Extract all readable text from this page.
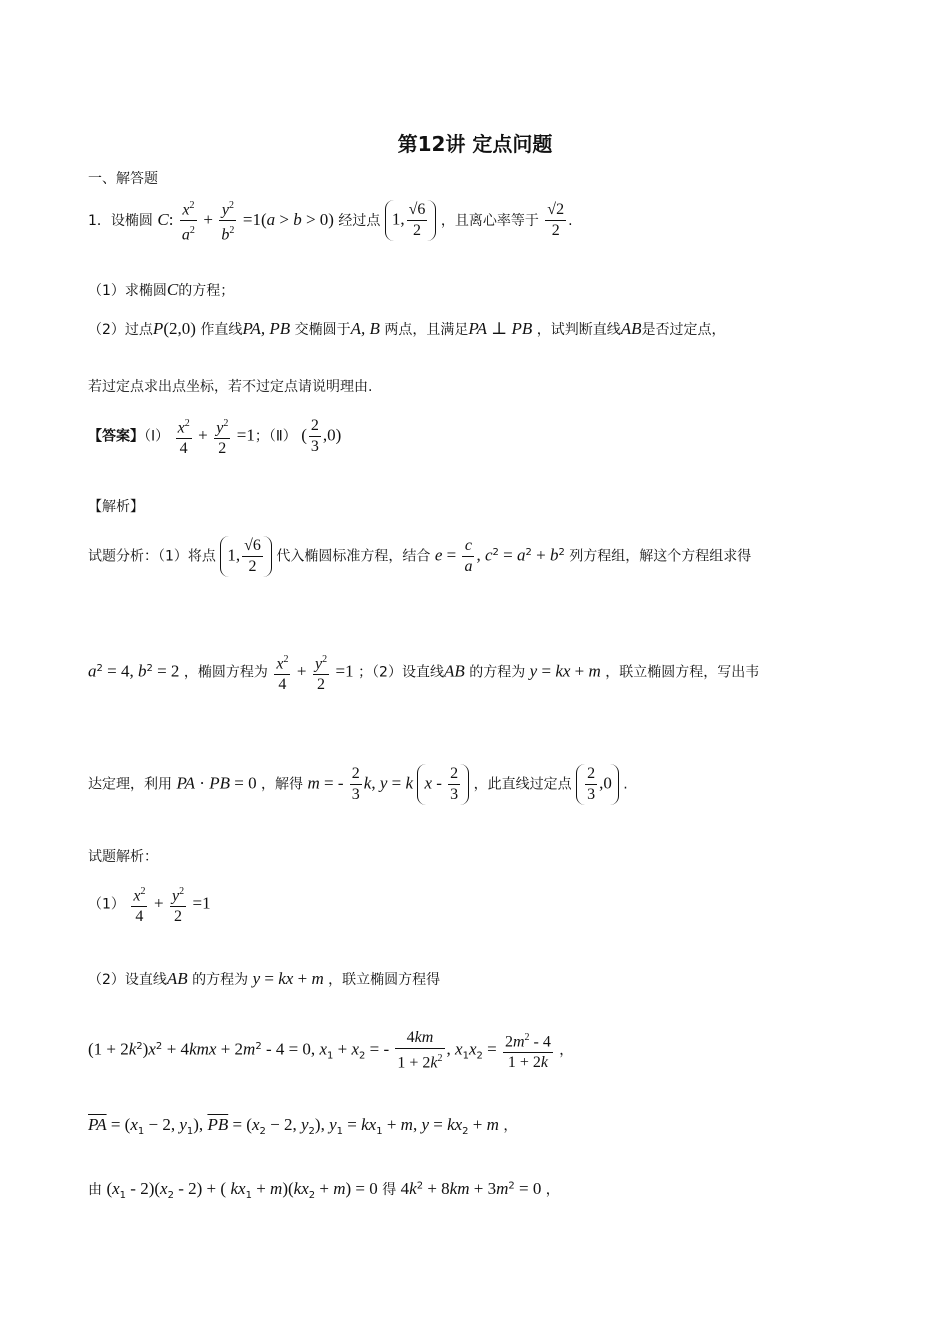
第12讲 定点问题
一、解答题
1．设椭圆 C: $\frac{x^2}{a^2} + \frac{y^2}{b^2} =1(a > b > 0)$ 经过点 1, $\frac{√6}{2}$ ，且离心率等于 $\frac{√2}{2}$ .
（1）求椭圆C的方程；
（2）过点P(2,0) 作直线PA, PB 交椭圆于A, B 两点，且满足PA ⊥ PB ，试判断直线AB是否过定点，
若过定点求出点坐标，若不过定点请说明理由.
【答案】（Ⅰ） $\frac{x^2}{4} + \frac{y^2}{2} =1$；（Ⅱ） ( $\frac{2}{3} ,0$)
【解析】
试题分析：（1）将点 1, $\frac{√6}{2}$ 代入椭圆标准方程，结合 $e = \frac{c}{a}$ , $c^2 = a^2 + b^2$ 列方程组，解这个方程组求得
$a^2 = 4$, $b^2 = 2$ ，椭圆方程为 $\frac{x^2}{4} + \frac{y^2}{2} =1$ ；（2）设直线AB 的方程为 y = kx + m ，联立椭圆方程，写出韦
达定理，利用 PA · PB = 0 ，解得 m = - $\frac{2}{3} k$, y = k x - $\frac{2}{3}$ ，此直线过定点 $\frac{2}{3} ,0$ .
试题解析：
$(1) \frac{x^2}{4} + \frac{y^2}{2} =1$
（2）设直线AB 的方程为 y = kx + m ，联立椭圆方程得
$(1 + 2k^2)x^2 + 4kmx + 2m^2 - 4 = 0$, $x_1 + x_2$ = - $\frac{4km}{1 + 2k^2}$ , $x_1x_2 = \frac{2m^2 - 4}{1 + 2k}$ ，
$\overline{PA} = (x_1 - 2$, $y_1$), $\overline{PB} = (x_2 - 2$, $y_2$), $y_1 = kx_1 + m$, $y = kx_2 + m$ ，
由 $(x_1 - 2)(x_2 - 2)$ + ( $kx_1 + m)(kx_2 + m) = 0$ 得 $4k^2 + 8km + 3m^2 = 0$ ，
